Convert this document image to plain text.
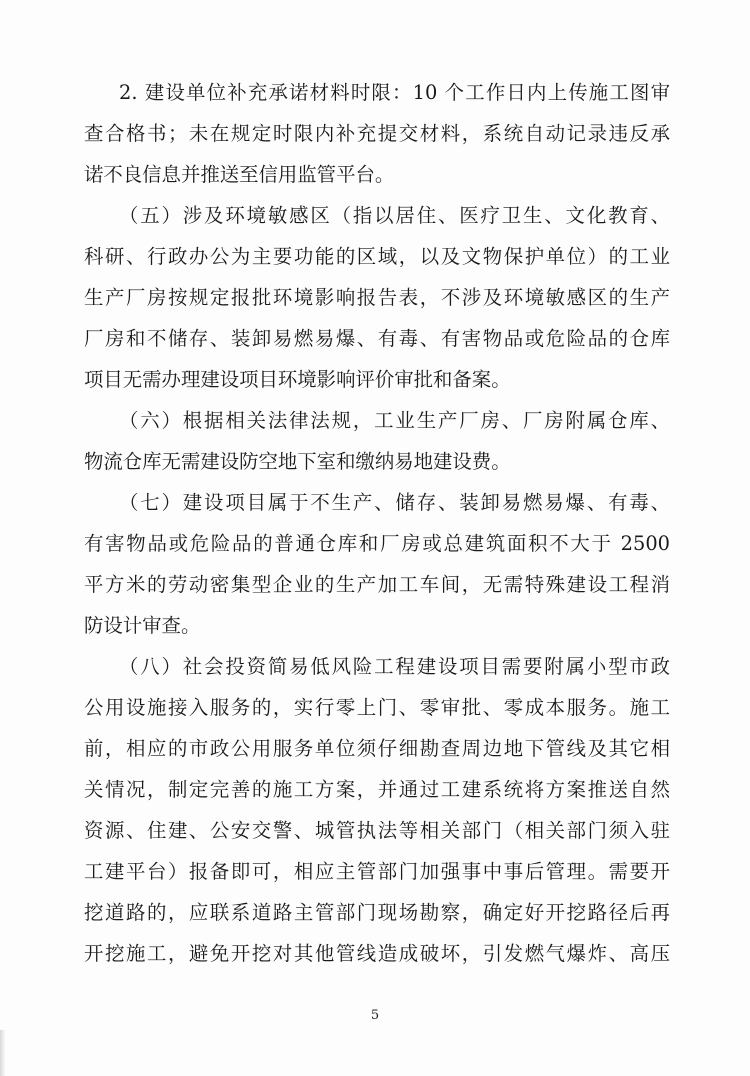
2. 建设单位补充承诺材料时限：10 个工作日内上传施工图审
查合格书；未在规定时限内补充提交材料，系统自动记录违反承
诺不良信息并推送至信用监管平台。
（五）涉及环境敏感区（指以居住、医疗卫生、文化教育、
科研、行政办公为主要功能的区域，以及文物保护单位）的工业
生产厂房按规定报批环境影响报告表，不涉及环境敏感区的生产
厂房和不储存、装卸易燃易爆、有毒、有害物品或危险品的仓库
项目无需办理建设项目环境影响评价审批和备案。
（六）根据相关法律法规，工业生产厂房、厂房附属仓库、
物流仓库无需建设防空地下室和缴纳易地建设费。
（七）建设项目属于不生产、储存、装卸易燃易爆、有毒、
有害物品或危险品的普通仓库和厂房或总建筑面积不大于 2500
平方米的劳动密集型企业的生产加工车间，无需特殊建设工程消
防设计审查。
（八）社会投资简易低风险工程建设项目需要附属小型市政
公用设施接入服务的，实行零上门、零审批、零成本服务。施工
前，相应的市政公用服务单位须仔细勘查周边地下管线及其它相
关情况，制定完善的施工方案，并通过工建系统将方案推送自然
资源、住建、公安交警、城管执法等相关部门（相关部门须入驻
工建平台）报备即可，相应主管部门加强事中事后管理。需要开
挖道路的，应联系道路主管部门现场勘察，确定好开挖路径后再
开挖施工，避免开挖对其他管线造成破坏，引发燃气爆炸、高压
5
